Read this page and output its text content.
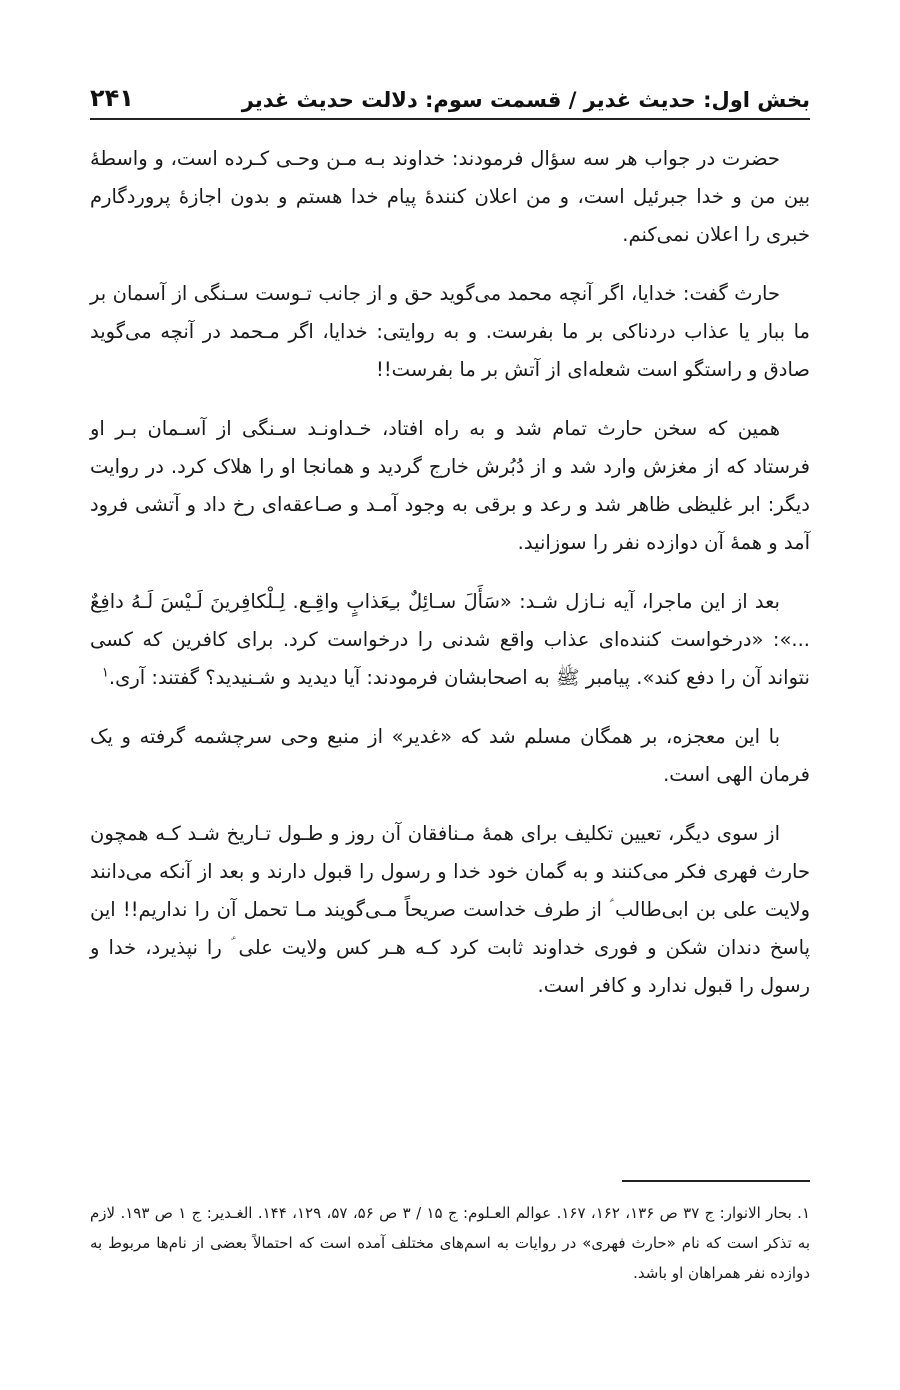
بخش اول: حدیث غدیر / قسمت سوم: دلالت حدیث غدیر
۲۴۱

حضرت در جواب هر سه سؤال فرمودند: خداوند بـه مـن وحـی کـرده است، و واسطهٔ بین من و خدا جبرئیل است، و من اعلان کنندهٔ پیام خدا هستم و بدون اجازهٔ پروردگارم خبری را اعلان نمی‌کنم.

حارث گفت: خدایا، اگر آنچه محمد می‌گوید حق و از جانب تـوست سـنگی از آسمان بر ما ببار یا عذاب دردناکی بر ما بفرست. و به روایتی: خدایا، اگر مـحمد در آنچه می‌گوید صادق و راستگو است شعله‌ای از آتش بر ما بفرست!!

همین که سخن حارث تمام شد و به راه افتاد، خـداونـد سـنگی از آسـمان بـر او فرستاد که از مغزش وارد شد و از دُبُرش خارج گردید و همانجا او را هلاک کرد. در روایت دیگر: ابر غلیظی ظاهر شد و رعد و برقی به وجود آمـد و صـاعقه‌ای رخ داد و آتشی فرود آمد و همهٔ آن دوازده نفر را سوزانید.

بعد از این ماجرا، آیه نـازل شـد: «سَأَلَ سـائِلٌ بـِعَذابٍ واقِـع. لِـلْکافِرینَ لَـیْسَ لَـهُ دافِعٌ ...»: «درخواست کننده‌ای عذاب واقع شدنی را درخواست کرد. برای کافرین که کسی نتواند آن را دفع کند». پیامبر ﷺ به اصحابشان فرمودند: آیا دیدید و شـنیدید؟ گفتند: آری.$^۱$

با این معجزه، بر همگان مسلم شد که «غدیر» از منبع وحی سرچشمه گرفته و یک فرمان الهی است.

از سوی دیگر، تعیین تکلیف برای همهٔ مـنافقان آن روز و طـول تـاریخ شـد کـه همچون حارث فهری فکر می‌کنند و به گمان خود خدا و رسول را قبول دارند و بعد از آنکه می‌دانند ولایت علی بن ابی‌طالب ؑ از طرف خداست صریحاً مـی‌گویند مـا تحمل آن را نداریم!! این پاسخ دندان شکن و فوری خداوند ثابت کرد کـه هـر کس ولایت علی ؑ را نپذیرد، خدا و رسول را قبول ندارد و کافر است.

۱. بحار الانوار: ج ۳۷ ص ۱۳۶، ۱۶۲، ۱۶۷. عوالم العـلوم: ج ۱۵ / ۳ ص ۵۶، ۵۷، ۱۲۹، ۱۴۴. الغـدیر: ج ۱ ص ۱۹۳. لازم به تذکر است که نام «حارث فهری» در روایات به اسم‌های مختلف آمده است که احتمالاً بعضی از نام‌ها مربوط به دوازده نفر همراهان او باشد.
